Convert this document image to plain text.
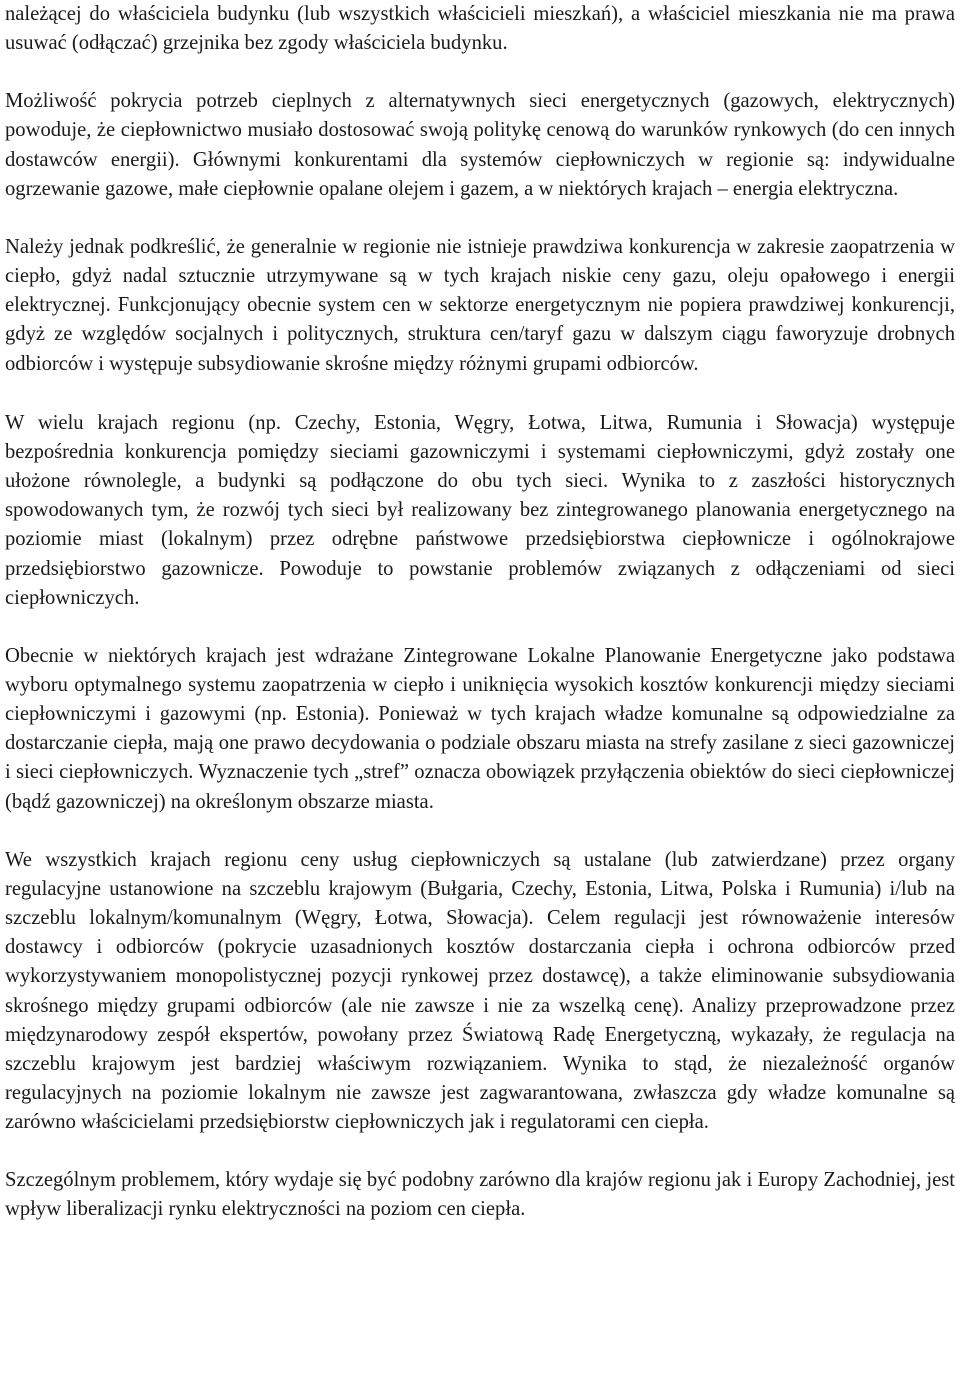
należącej do właściciela budynku (lub wszystkich właścicieli mieszkań), a właściciel mieszkania nie ma prawa usuwać (odłączać) grzejnika bez zgody właściciela budynku.

Możliwość pokrycia potrzeb cieplnych z alternatywnych sieci energetycznych (gazowych, elektrycznych) powoduje, że ciepłownictwo musiało dostosować swoją politykę cenową do warunków rynkowych (do cen innych dostawców energii). Głównymi konkurentami dla systemów ciepłowniczych w regionie są: indywidualne ogrzewanie gazowe, małe ciepłownie opalane olejem i gazem, a w niektórych krajach – energia elektryczna.

Należy jednak podkreślić, że generalnie w regionie nie istnieje prawdziwa konkurencja w zakresie zaopatrzenia w ciepło, gdyż nadal sztucznie utrzymywane są w tych krajach niskie ceny gazu, oleju opałowego i energii elektrycznej. Funkcjonujący obecnie system cen w sektorze energetycznym nie popiera prawdziwej konkurencji, gdyż ze względów socjalnych i politycznych, struktura cen/taryf gazu w dalszym ciągu faworyzuje drobnych odbiorców i występuje subsydiowanie skrośne między różnymi grupami odbiorców.

W wielu krajach regionu (np. Czechy, Estonia, Węgry, Łotwa, Litwa, Rumunia i Słowacja) występuje bezpośrednia konkurencja pomiędzy sieciami gazowniczymi i systemami ciepłowniczymi, gdyż zostały one ułożone równolegle, a budynki są podłączone do obu tych sieci. Wynika to z zaszłości historycznych spowodowanych tym, że rozwój tych sieci był realizowany bez zintegrowanego planowania energetycznego na poziomie miast (lokalnym) przez odrębne państwowe przedsiębiorstwa ciepłownicze i ogólnokrajowe przedsiębiorstwo gazownicze. Powoduje to powstanie problemów związanych z odłączeniami od sieci ciepłowniczych.

Obecnie w niektórych krajach jest wdrażane Zintegrowane Lokalne Planowanie Energetyczne jako podstawa wyboru optymalnego systemu zaopatrzenia w ciepło i uniknięcia wysokich kosztów konkurencji między sieciami ciepłowniczymi i gazowymi (np. Estonia). Ponieważ w tych krajach władze komunalne są odpowiedzialne za dostarczanie ciepła, mają one prawo decydowania o podziale obszaru miasta na strefy zasilane z sieci gazowniczej i sieci ciepłowniczych. Wyznaczenie tych „stref” oznacza obowiązek przyłączenia obiektów do sieci ciepłowniczej (bądź gazowniczej) na określonym obszarze miasta.

We wszystkich krajach regionu ceny usług ciepłowniczych są ustalane (lub zatwierdzane) przez organy regulacyjne ustanowione na szczeblu krajowym (Bułgaria, Czechy, Estonia, Litwa, Polska i Rumunia) i/lub na szczeblu lokalnym/komunalnym (Węgry, Łotwa, Słowacja). Celem regulacji jest równoważenie interesów dostawcy i odbiorców (pokrycie uzasadnionych kosztów dostarczania ciepła i ochrona odbiorców przed wykorzystywaniem monopolistycznej pozycji rynkowej przez dostawcę), a także eliminowanie subsydiowania skrośnego między grupami odbiorców (ale nie zawsze i nie za wszelką cenę). Analizy przeprowadzone przez międzynarodowy zespół ekspertów, powołany przez Światową Radę Energetyczną, wykazały, że regulacja na szczeblu krajowym jest bardziej właściwym rozwiązaniem. Wynika to stąd, że niezależność organów regulacyjnych na poziomie lokalnym nie zawsze jest zagwarantowana, zwłaszcza gdy władze komunalne są zarówno właścicielami przedsiębiorstw ciepłowniczych jak i regulatorami cen ciepła.

Szczególnym problemem, który wydaje się być podobny zarówno dla krajów regionu jak i Europy Zachodniej, jest wpływ liberalizacji rynku elektryczności na poziom cen ciepła.
